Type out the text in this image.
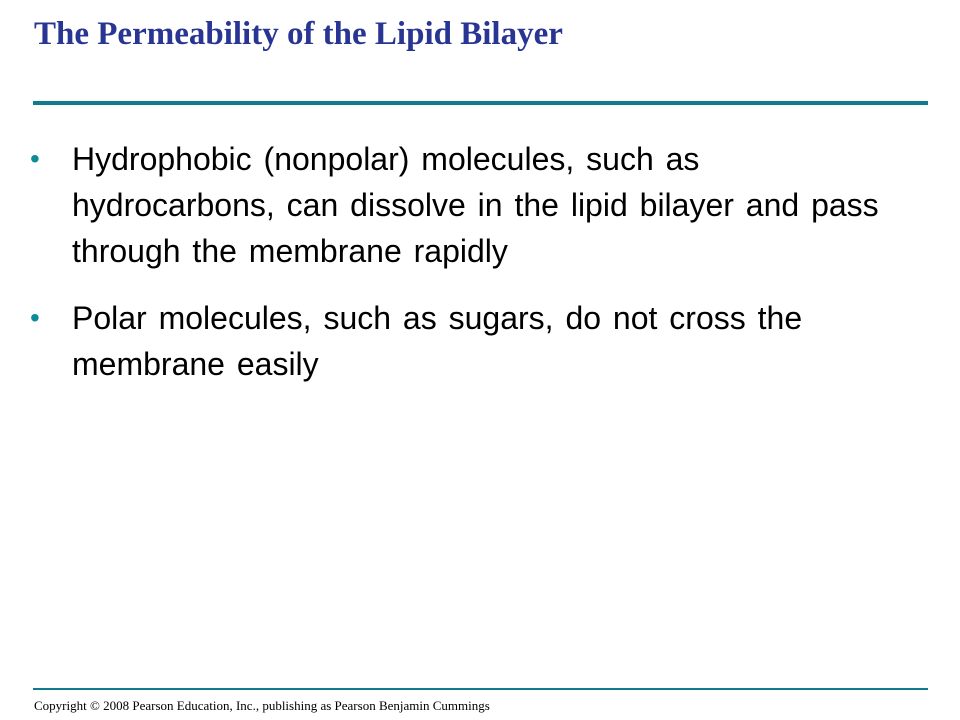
The Permeability of the Lipid Bilayer
•	Hydrophobic (nonpolar) molecules, such as hydrocarbons, can dissolve in the lipid bilayer and pass through the membrane rapidly
•	Polar molecules, such as sugars, do not cross the membrane easily

Copyright © 2008 Pearson Education, Inc., publishing as Pearson Benjamin Cummings
